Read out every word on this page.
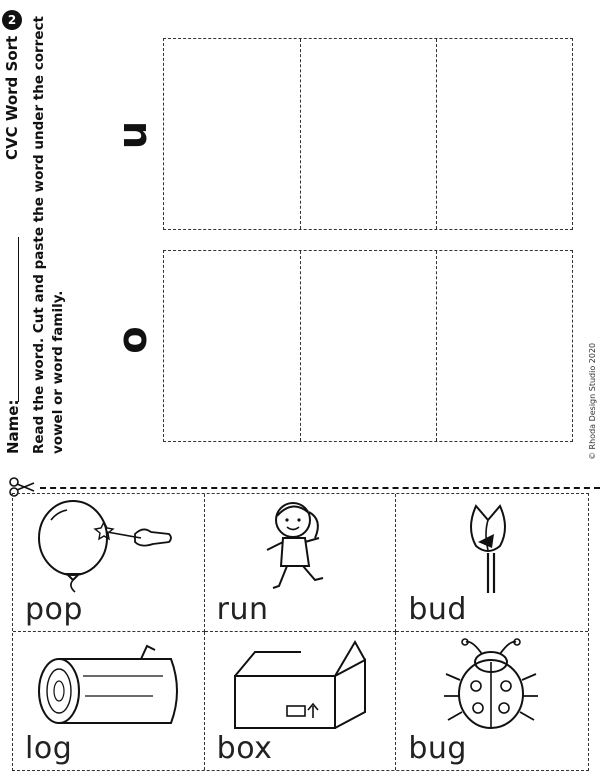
Name:
CVC Word Sort
2	Read the word. Cut and paste the word under the correct vowel or word family.
u
o
© Rhoda Design Studio 2020
pop	run	bud
log	box	bug
